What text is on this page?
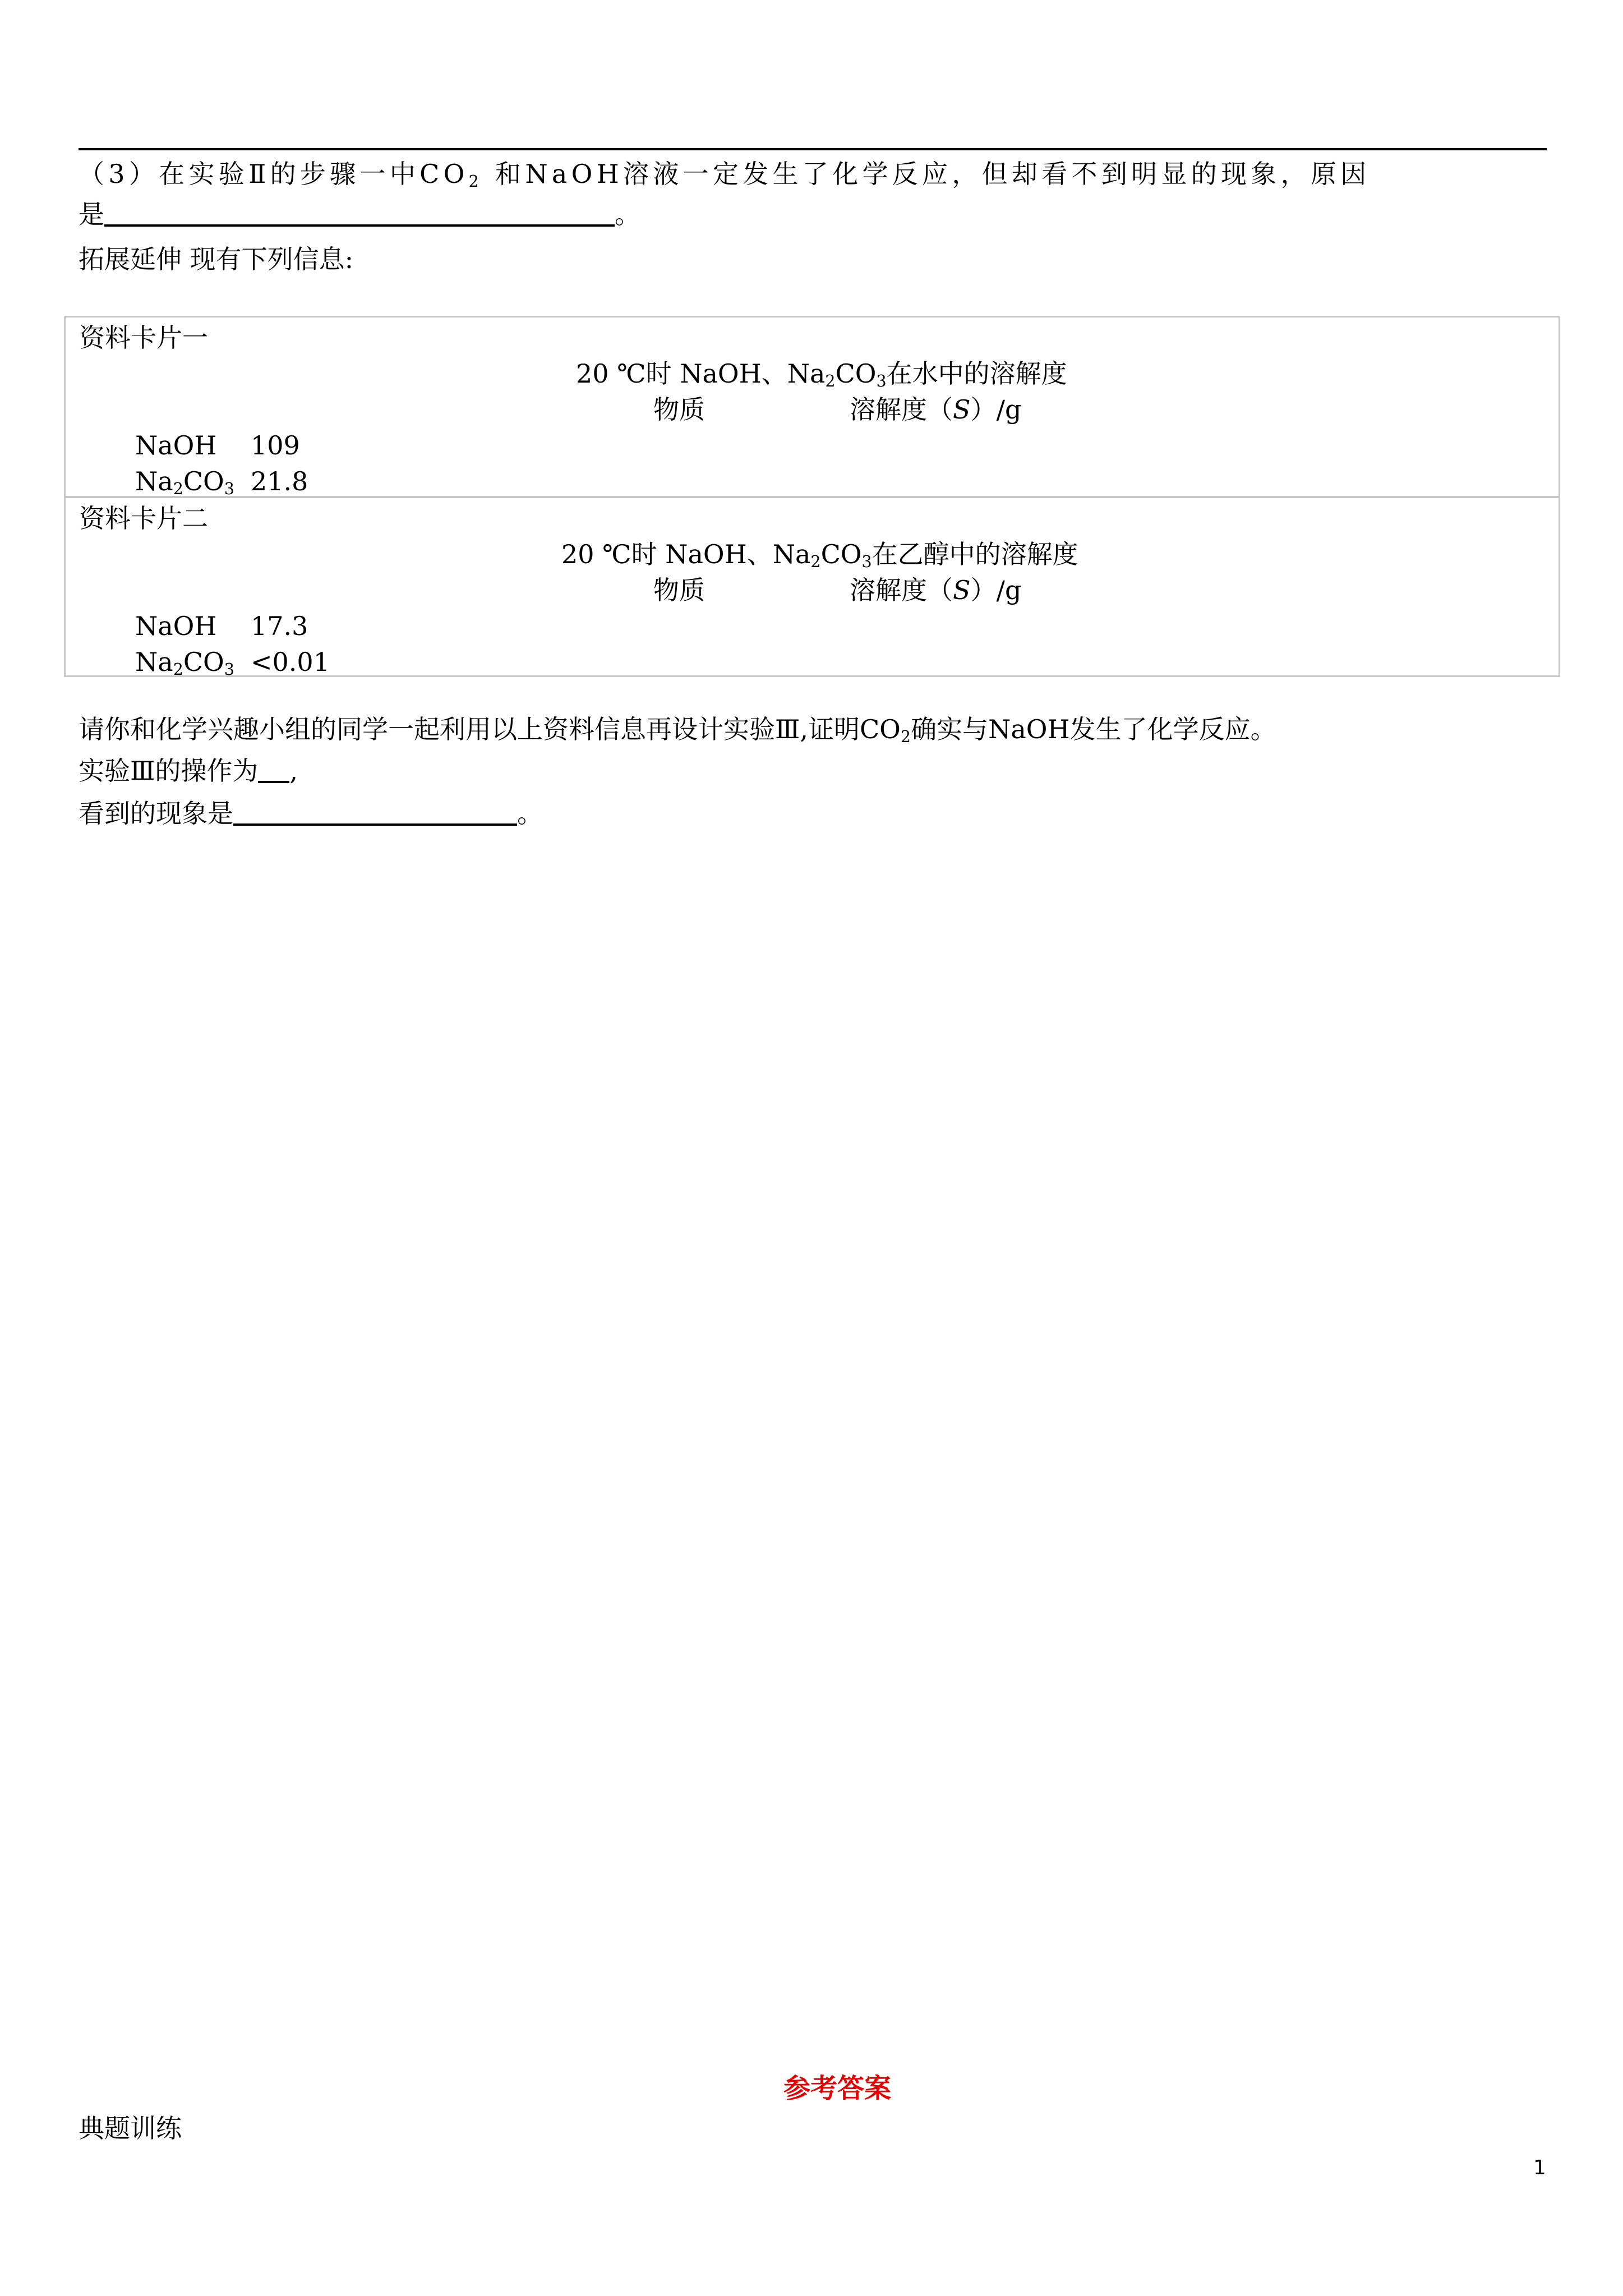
（3）在实验Ⅱ的步骤一中$CO_2$ 和NaOH溶液一定发生了化学反应，但却看不到明显的现象，原因
是	。
拓展延伸 现有下列信息:
资料卡片一
20 ℃时 NaOH、$Na_2CO_3$在水中的溶解度
物质	溶解度（S）/g
NaOH 109
$Na_2CO_3$ 21.8
资料卡片二
20 ℃时 NaOH、$Na_2CO_3$在乙醇中的溶解度
物质	溶解度（S）/g
NaOH 17.3
$Na_2CO_3 <0.01$
请你和化学兴趣小组的同学一起利用以上资料信息再设计实验Ⅲ,证明$CO_2$确实与NaOH发生了化学反应。
实验Ⅲ的操作为 ,
看到的现象是	。
参考答案
典题训练
1
